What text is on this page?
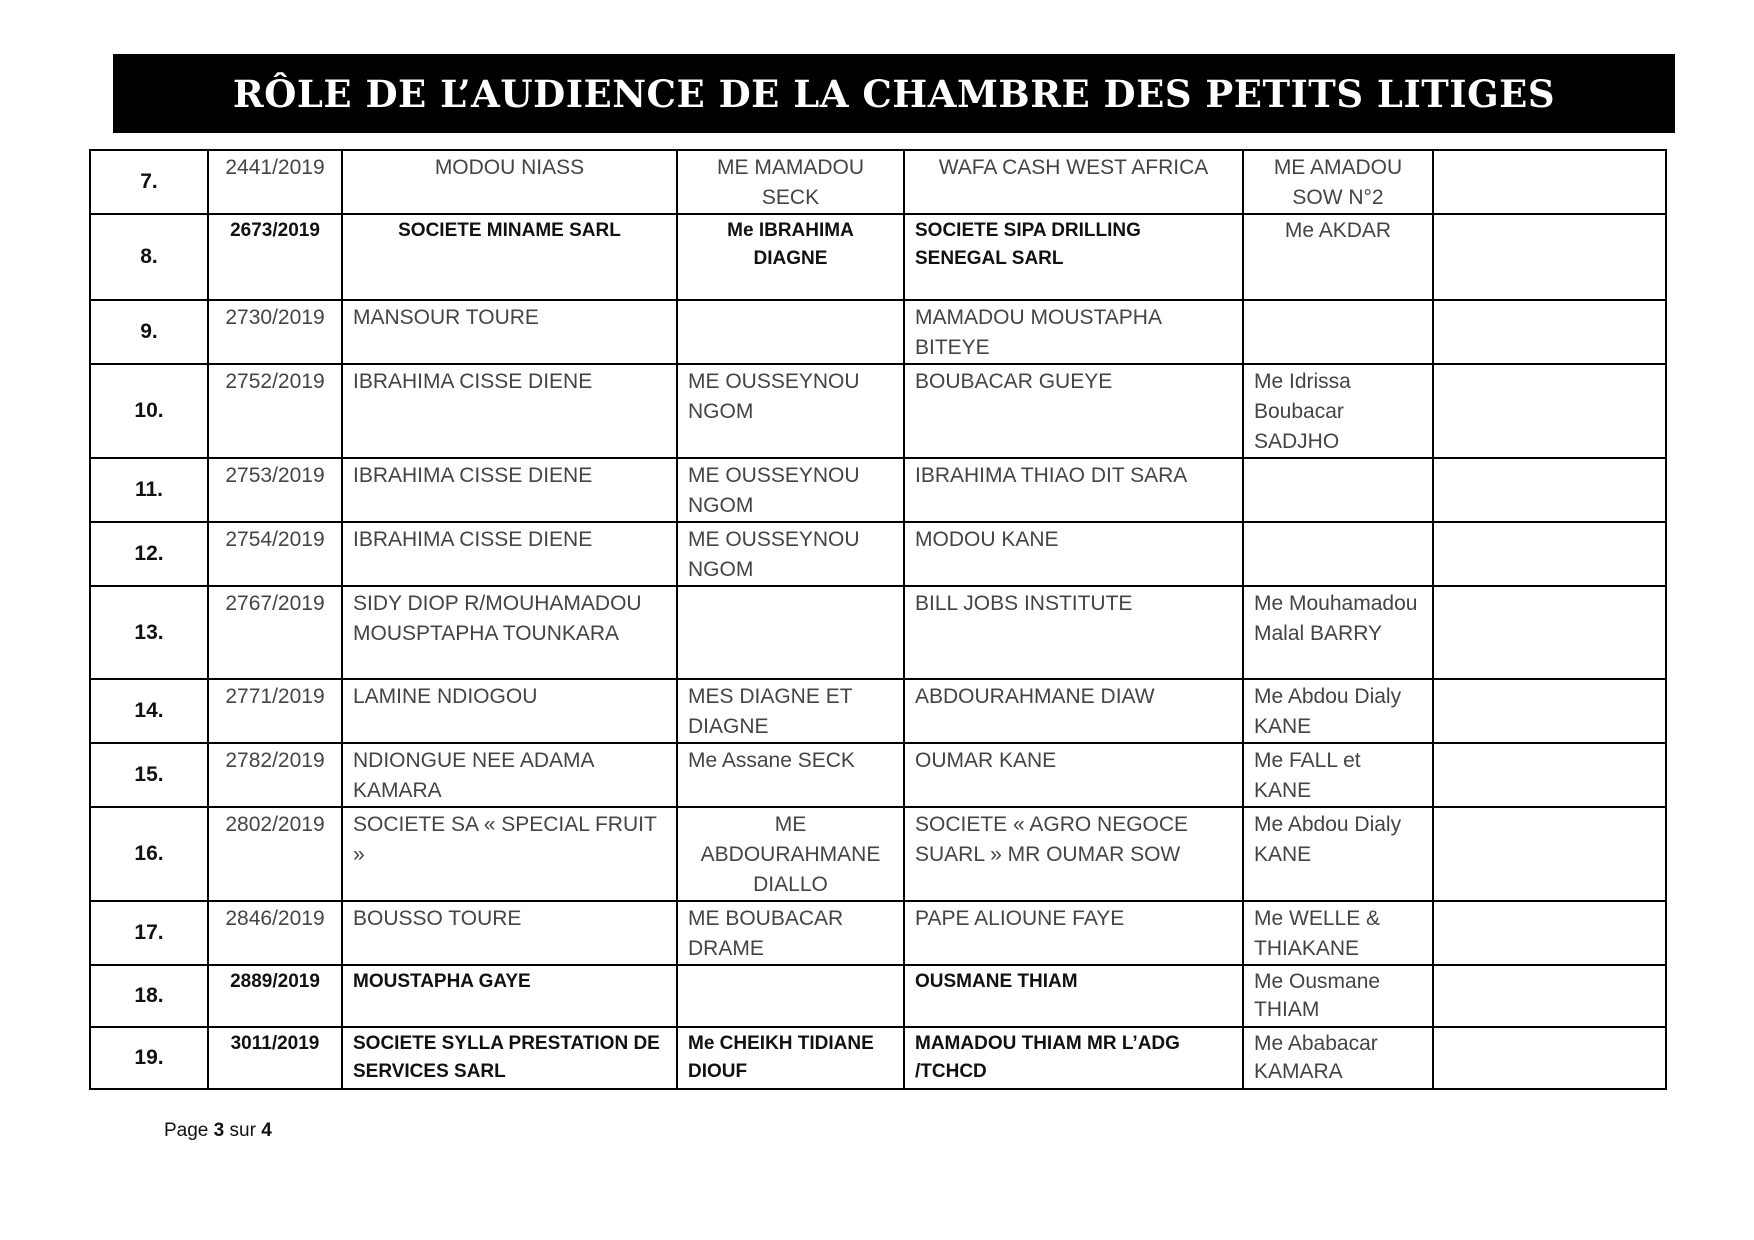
RÔLE DE L’AUDIENCE DE LA CHAMBRE DES PETITS LITIGES
7.	2441/2019	MODOU NIASS	ME MAMADOU SECK	WAFA CASH WEST AFRICA	ME AMADOU SOW N°2	
8.	2673/2019	SOCIETE MINAME SARL	Me IBRAHIMA DIAGNE	SOCIETE SIPA DRILLING SENEGAL SARL	Me AKDAR	
9.	2730/2019	MANSOUR TOURE		MAMADOU MOUSTAPHA BITEYE		
10.	2752/2019	IBRAHIMA CISSE DIENE	ME OUSSEYNOU NGOM	BOUBACAR GUEYE	Me Idrissa Boubacar SADJHO	
11.	2753/2019	IBRAHIMA CISSE DIENE	ME OUSSEYNOU NGOM	IBRAHIMA THIAO DIT SARA		
12.	2754/2019	IBRAHIMA CISSE DIENE	ME OUSSEYNOU NGOM	MODOU KANE		
13.	2767/2019	SIDY DIOP R/MOUHAMADOU MOUSPTAPHA TOUNKARA		BILL JOBS INSTITUTE	Me Mouhamadou Malal BARRY	
14.	2771/2019	LAMINE NDIOGOU	MES DIAGNE ET DIAGNE	ABDOURAHMANE DIAW	Me Abdou Dialy KANE	
15.	2782/2019	NDIONGUE NEE ADAMA KAMARA	Me Assane SECK	OUMAR KANE	Me FALL et KANE	
16.	2802/2019	SOCIETE SA « SPECIAL FRUIT »	ME ABDOURAHMANE DIALLO	SOCIETE « AGRO NEGOCE SUARL » MR OUMAR SOW	Me Abdou Dialy KANE	
17.	2846/2019	BOUSSO TOURE	ME BOUBACAR DRAME	PAPE ALIOUNE FAYE	Me WELLE & THIAKANE	
18.	2889/2019	MOUSTAPHA GAYE		OUSMANE THIAM	Me Ousmane THIAM	
19.	3011/2019	SOCIETE SYLLA PRESTATION DE SERVICES SARL	Me CHEIKH TIDIANE DIOUF	MAMADOU THIAM MR L’ADG /TCHCD	Me Ababacar KAMARA	
Page 3 sur 4
